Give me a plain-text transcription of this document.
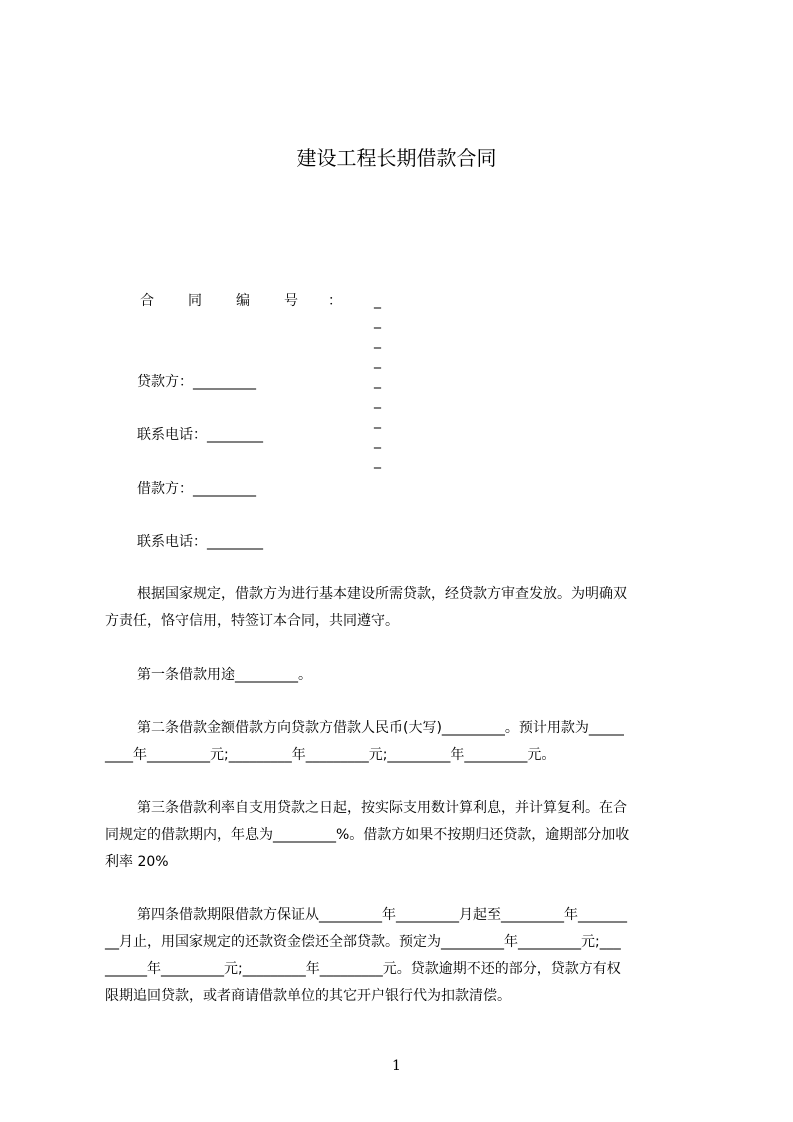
建设工程长期借款合同
合 同 编 号 ： _ _ _ _ _ _ _ _ _
贷款方：_________
联系电话：________
借款方：_________
联系电话：________
根据国家规定，借款方为进行基本建设所需贷款，经贷款方审查发放。为明确双
方责任，恪守信用，特签订本合同，共同遵守。
第一条借款用途_________。
第二条借款金额借款方向贷款方借款人民币(大写)_________。预计用款为_____
____年_________元;_________年_________元;_________年_________元。
第三条借款利率自支用贷款之日起，按实际支用数计算利息，并计算复利。在合
同规定的借款期内，年息为_________%。借款方如果不按期归还贷款，逾期部分加收
利率 20%
第四条借款期限借款方保证从_________年_________月起至_________年_______
__月止，用国家规定的还款资金偿还全部贷款。预定为_________年_________元;___
______年_________元;_________年_________元。贷款逾期不还的部分，贷款方有权
限期追回贷款，或者商请借款单位的其它开户银行代为扣款清偿。
1
